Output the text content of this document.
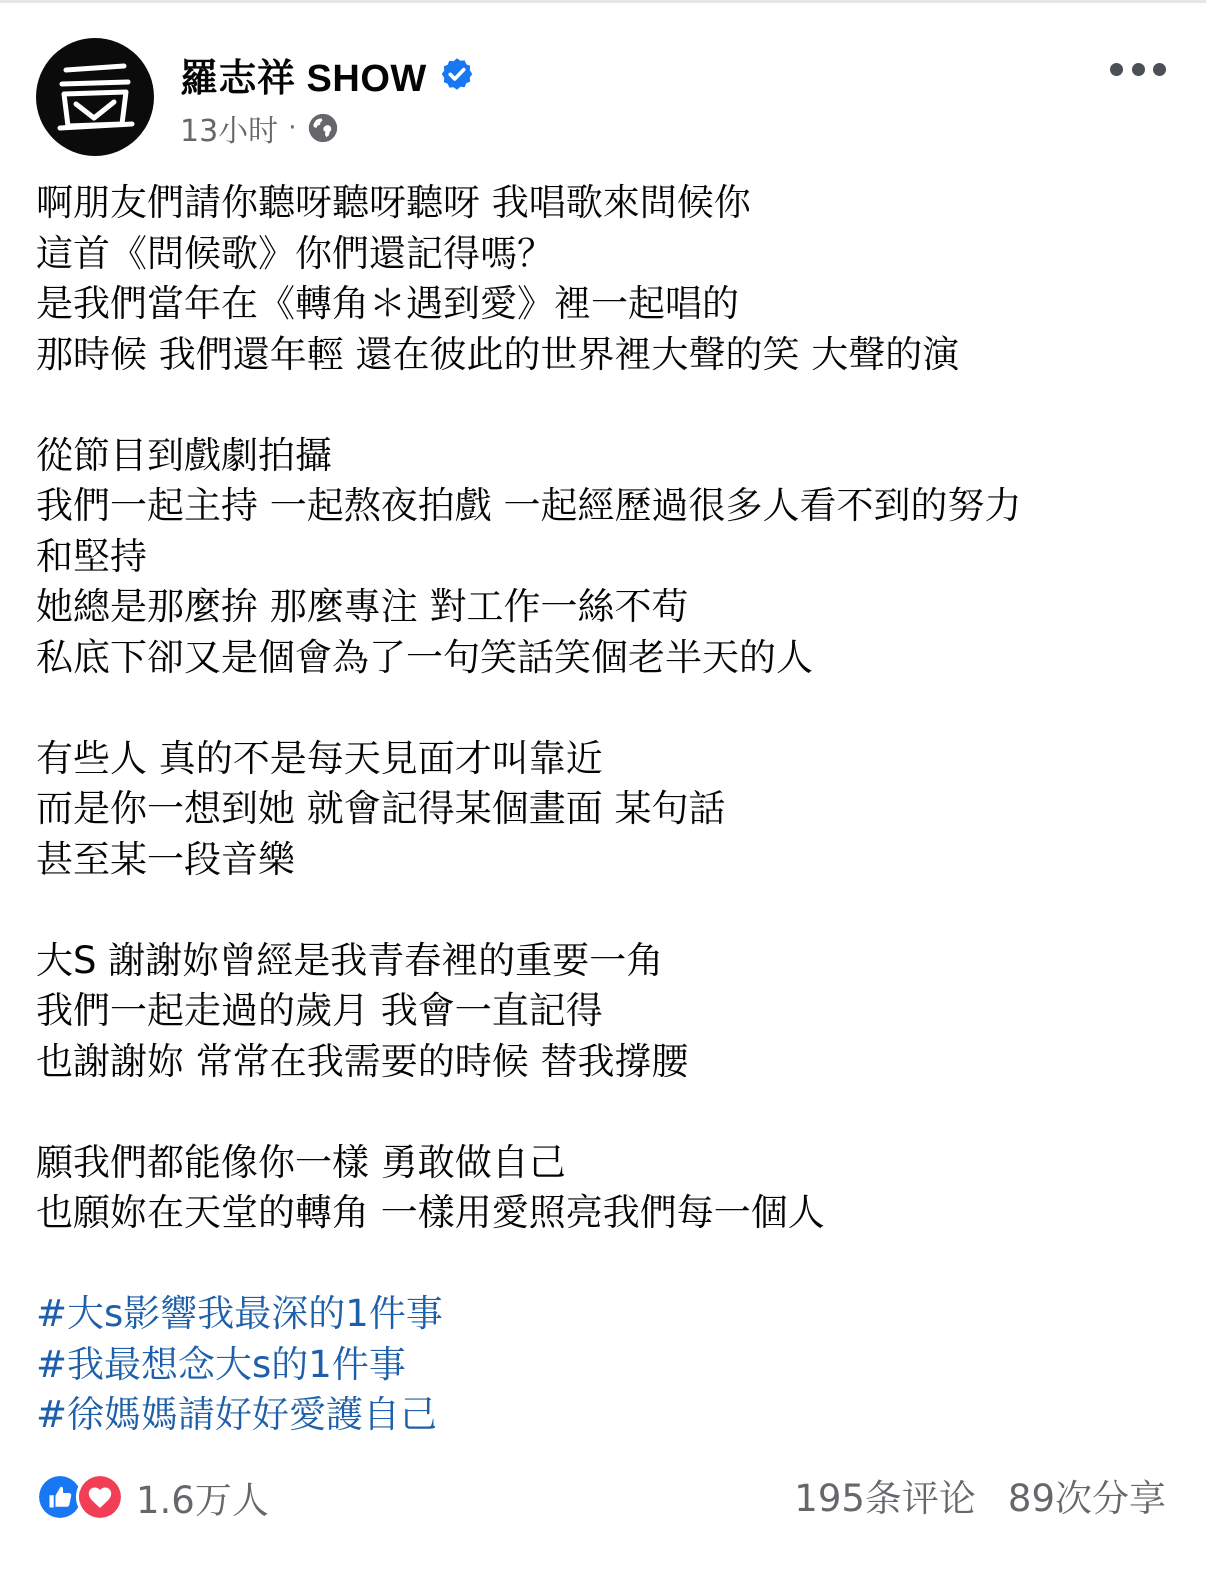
羅志祥 SHOW
13小时 ·
啊朋友們請你聽呀聽呀聽呀 我唱歌來問候你
這首《問候歌》你們還記得嗎？
是我們當年在《轉角＊遇到愛》裡一起唱的
那時候 我們還年輕 還在彼此的世界裡大聲的笑 大聲的演
從節目到戲劇拍攝
我們一起主持 一起熬夜拍戲 一起經歷過很多人看不到的努力
和堅持
她總是那麼拚 那麼專注 對工作一絲不苟
私底下卻又是個會為了一句笑話笑個老半天的人
有些人 真的不是每天見面才叫靠近
而是你一想到她 就會記得某個畫面 某句話
甚至某一段音樂
大S 謝謝妳曾經是我青春裡的重要一角
我們一起走過的歲月 我會一直記得
也謝謝妳 常常在我需要的時候 替我撐腰
願我們都能像你一樣 勇敢做自己
也願妳在天堂的轉角 一樣用愛照亮我們每一個人
#大s影響我最深的1件事
#我最想念大s的1件事
#徐媽媽請好好愛護自己
1.6万人	195条评论 89次分享
